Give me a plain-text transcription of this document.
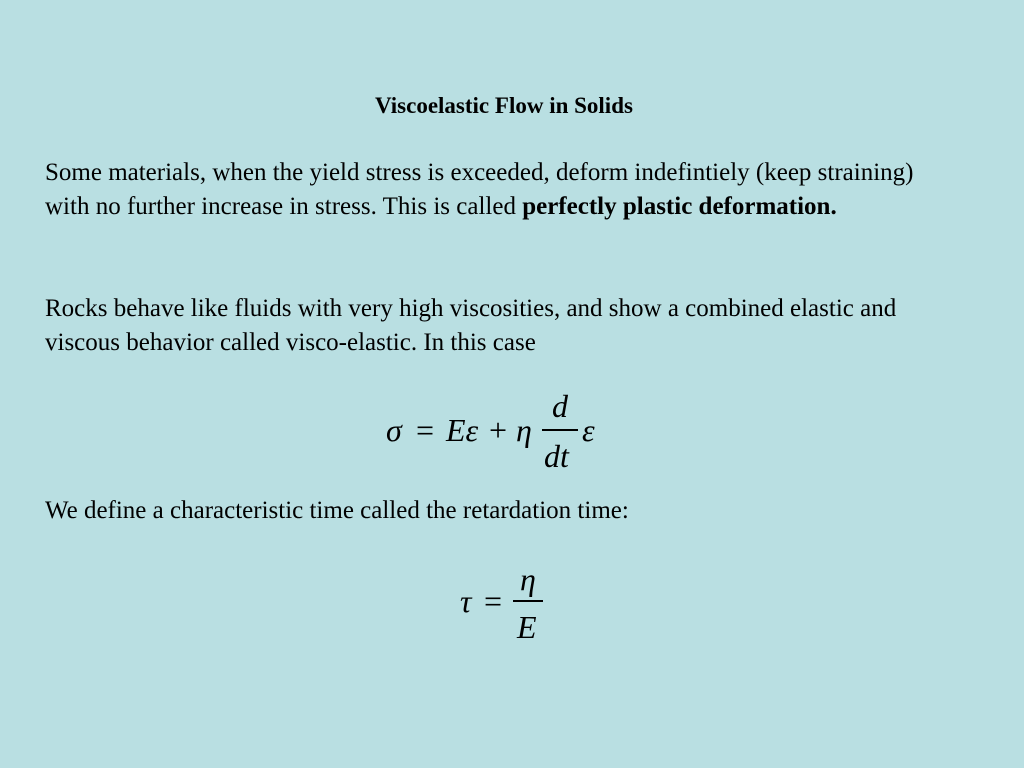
Viscoelastic Flow in Solids

Some materials, when the yield stress is exceeded, deform indefintiely (keep straining) with no further increase in stress. This is called perfectly plastic deformation.

Rocks behave like fluids with very high viscosities, and show a combined elastic and viscous behavior called visco-elastic. In this case

σ = Eε + η
d
dt
ε

We define a characteristic time called the retardation time:

τ =
η
E
